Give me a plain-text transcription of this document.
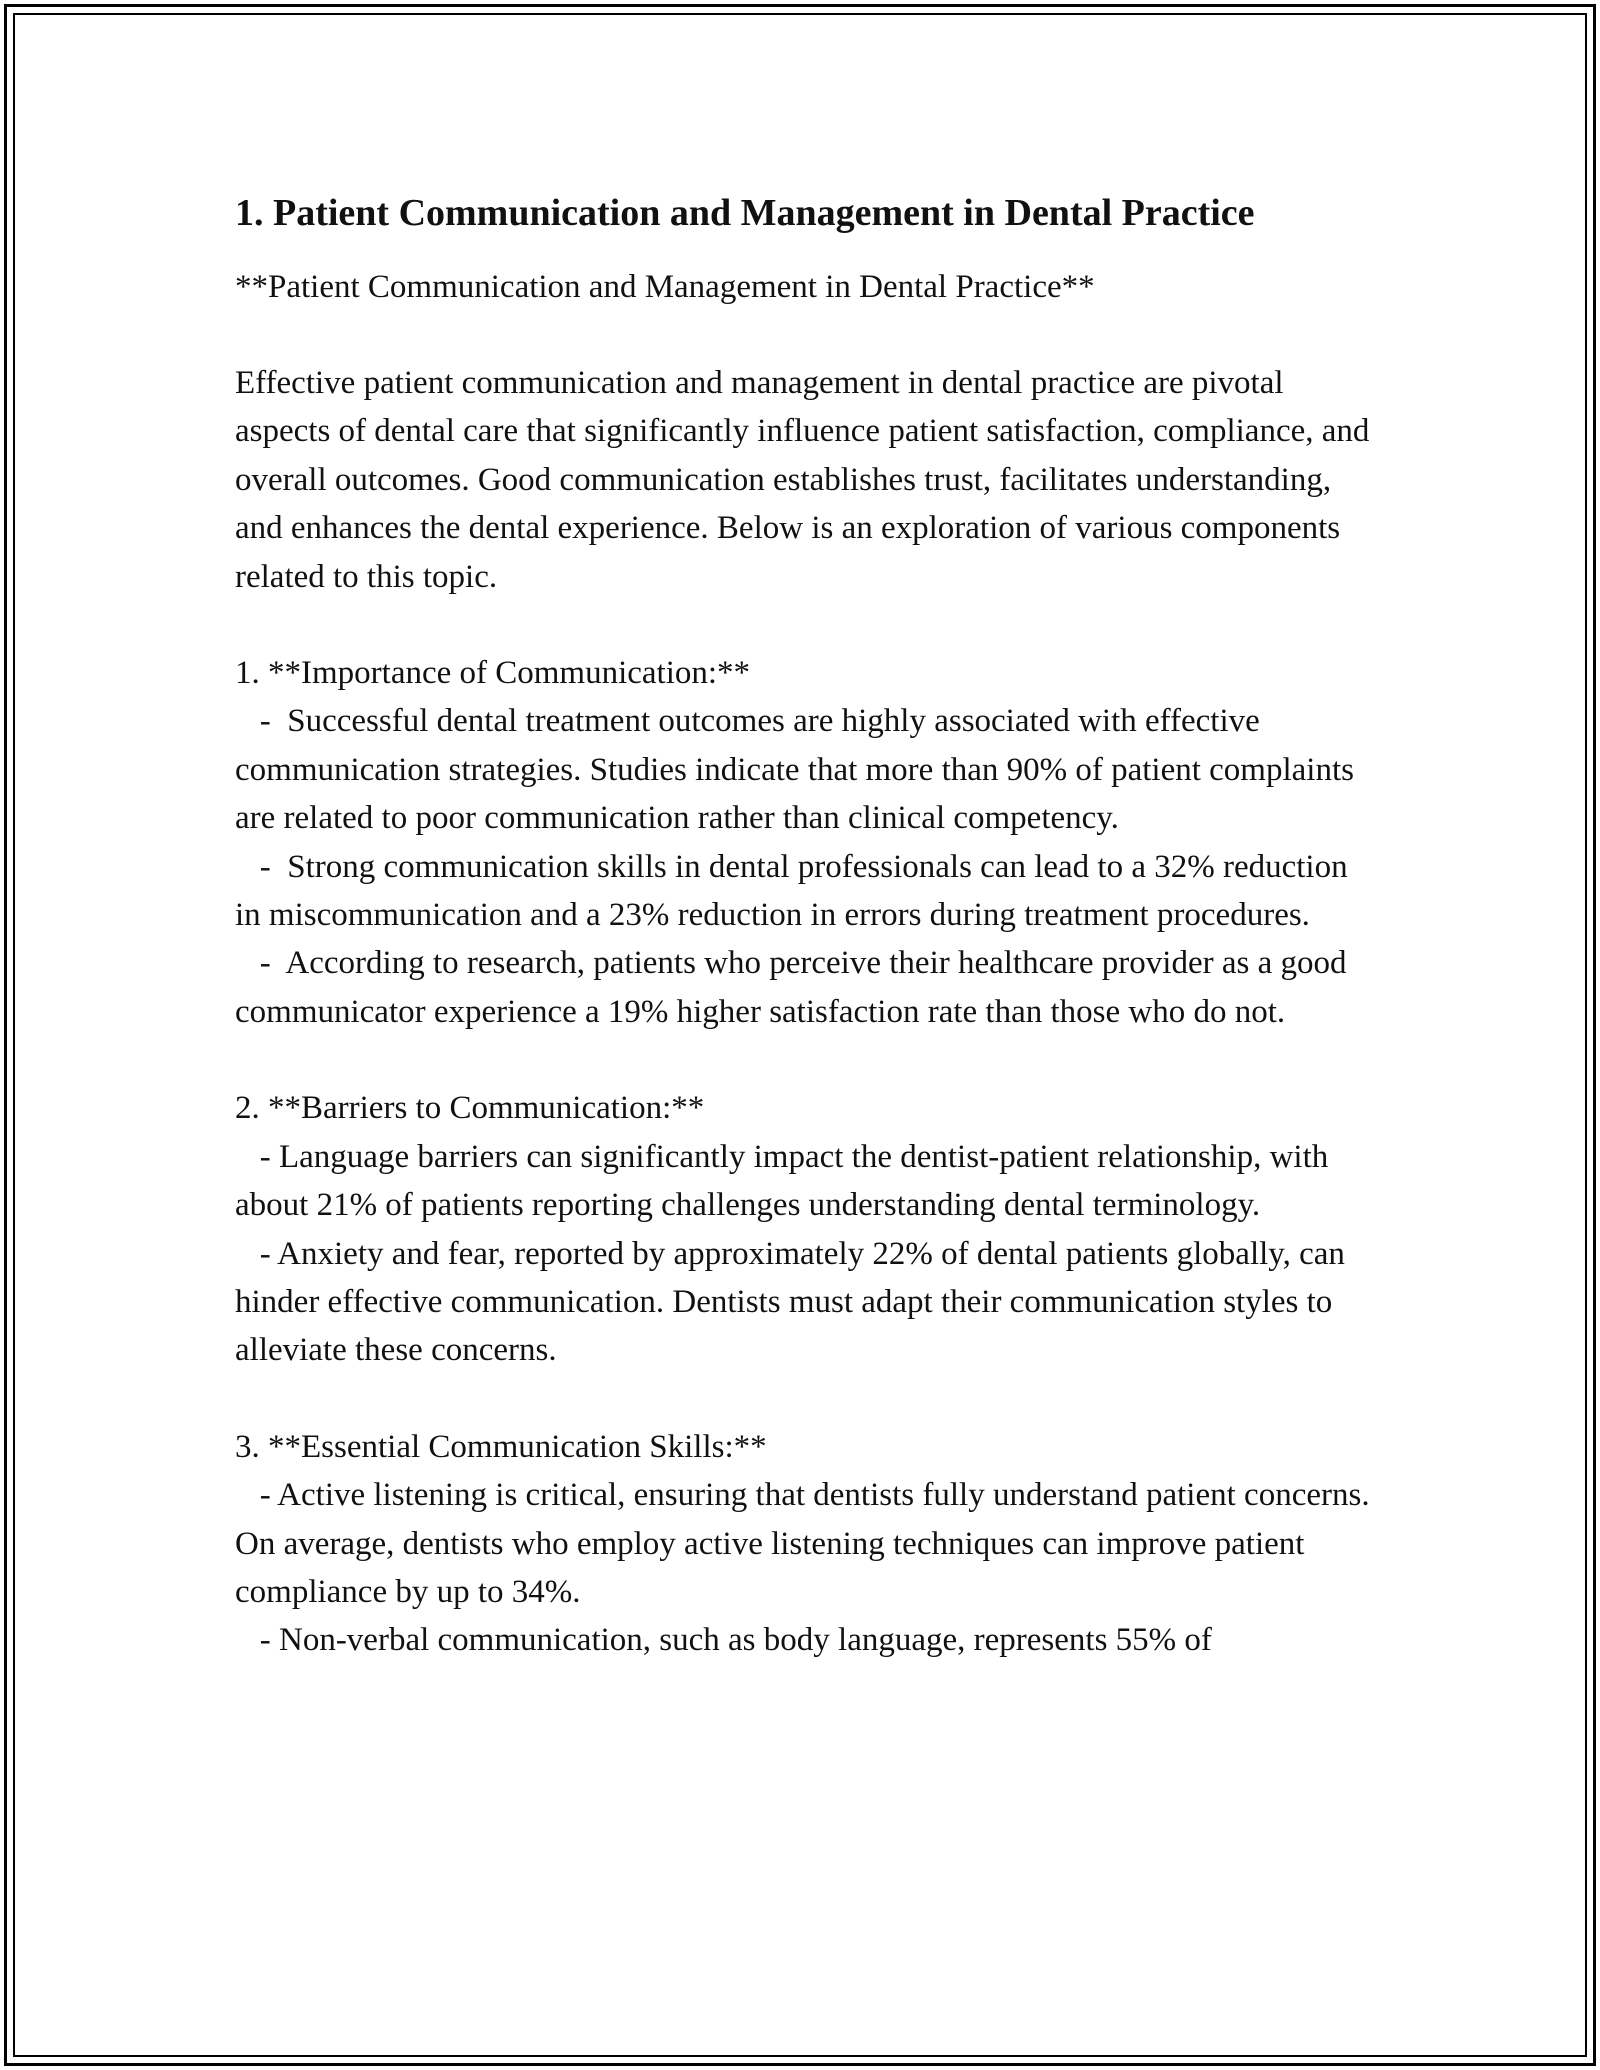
1. Patient Communication and Management in Dental Practice

**Patient Communication and Management in Dental Practice**

Effective patient communication and management in dental practice are pivotal aspects of dental care that significantly influence patient satisfaction, compliance, and overall outcomes. Good communication establishes trust, facilitates understanding, and enhances the dental experience. Below is an exploration of various components related to this topic.

1. **Importance of Communication:**

-  Successful dental treatment outcomes are highly associated with effective communication strategies. Studies indicate that more than 90% of patient complaints are related to poor communication rather than clinical competency.

-  Strong communication skills in dental professionals can lead to a 32% reduction in miscommunication and a 23% reduction in errors during treatment procedures.

-  According to research, patients who perceive their healthcare provider as a good communicator experience a 19% higher satisfaction rate than those who do not.

2. **Barriers to Communication:**

- Language barriers can significantly impact the dentist-patient relationship, with about 21% of patients reporting challenges understanding dental terminology.

- Anxiety and fear, reported by approximately 22% of dental patients globally, can hinder effective communication. Dentists must adapt their communication styles to alleviate these concerns.

3. **Essential Communication Skills:**

- Active listening is critical, ensuring that dentists fully understand patient concerns. On average, dentists who employ active listening techniques can improve patient compliance by up to 34%.

- Non-verbal communication, such as body language, represents 55% of
